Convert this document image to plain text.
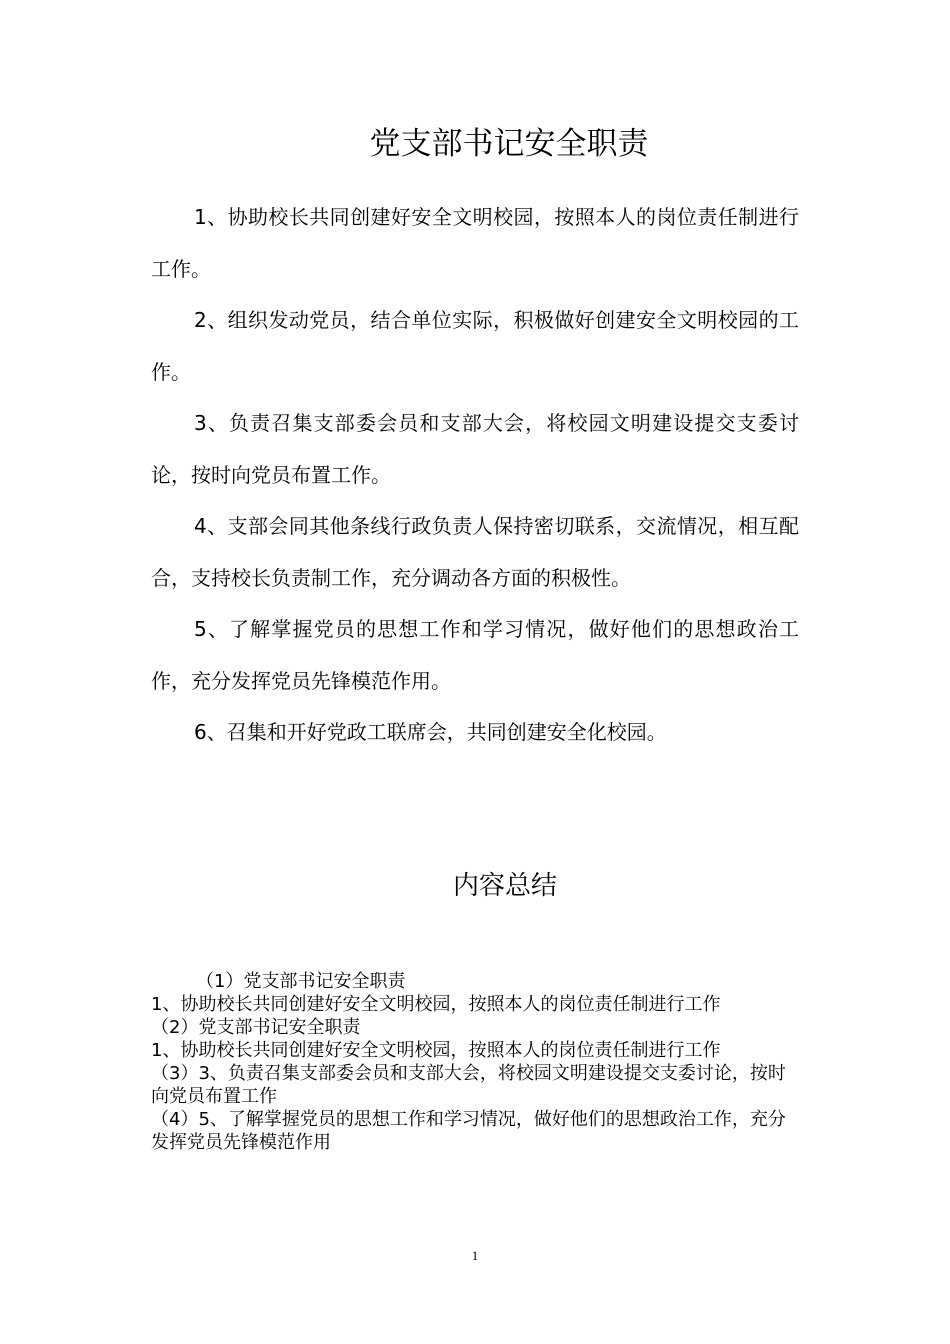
党支部书记安全职责

1、协助校长共同创建好安全文明校园，按照本人的岗位责任制进行工作。

2、组织发动党员，结合单位实际，积极做好创建安全文明校园的工作。

3、负责召集支部委会员和支部大会，将校园文明建设提交支委讨论，按时向党员布置工作。

4、支部会同其他条线行政负责人保持密切联系，交流情况，相互配合，支持校长负责制工作，充分调动各方面的积极性。

5、了解掌握党员的思想工作和学习情况，做好他们的思想政治工作，充分发挥党员先锋模范作用。

6、召集和开好党政工联席会，共同创建安全化校园。

内容总结

（1）党支部书记安全职责

1、协助校长共同创建好安全文明校园，按照本人的岗位责任制进行工作

（2）党支部书记安全职责

1、协助校长共同创建好安全文明校园，按照本人的岗位责任制进行工作

（3）3、负责召集支部委会员和支部大会，将校园文明建设提交支委讨论，按时向党员布置工作

（4）5、了解掌握党员的思想工作和学习情况，做好他们的思想政治工作，充分发挥党员先锋模范作用

1
